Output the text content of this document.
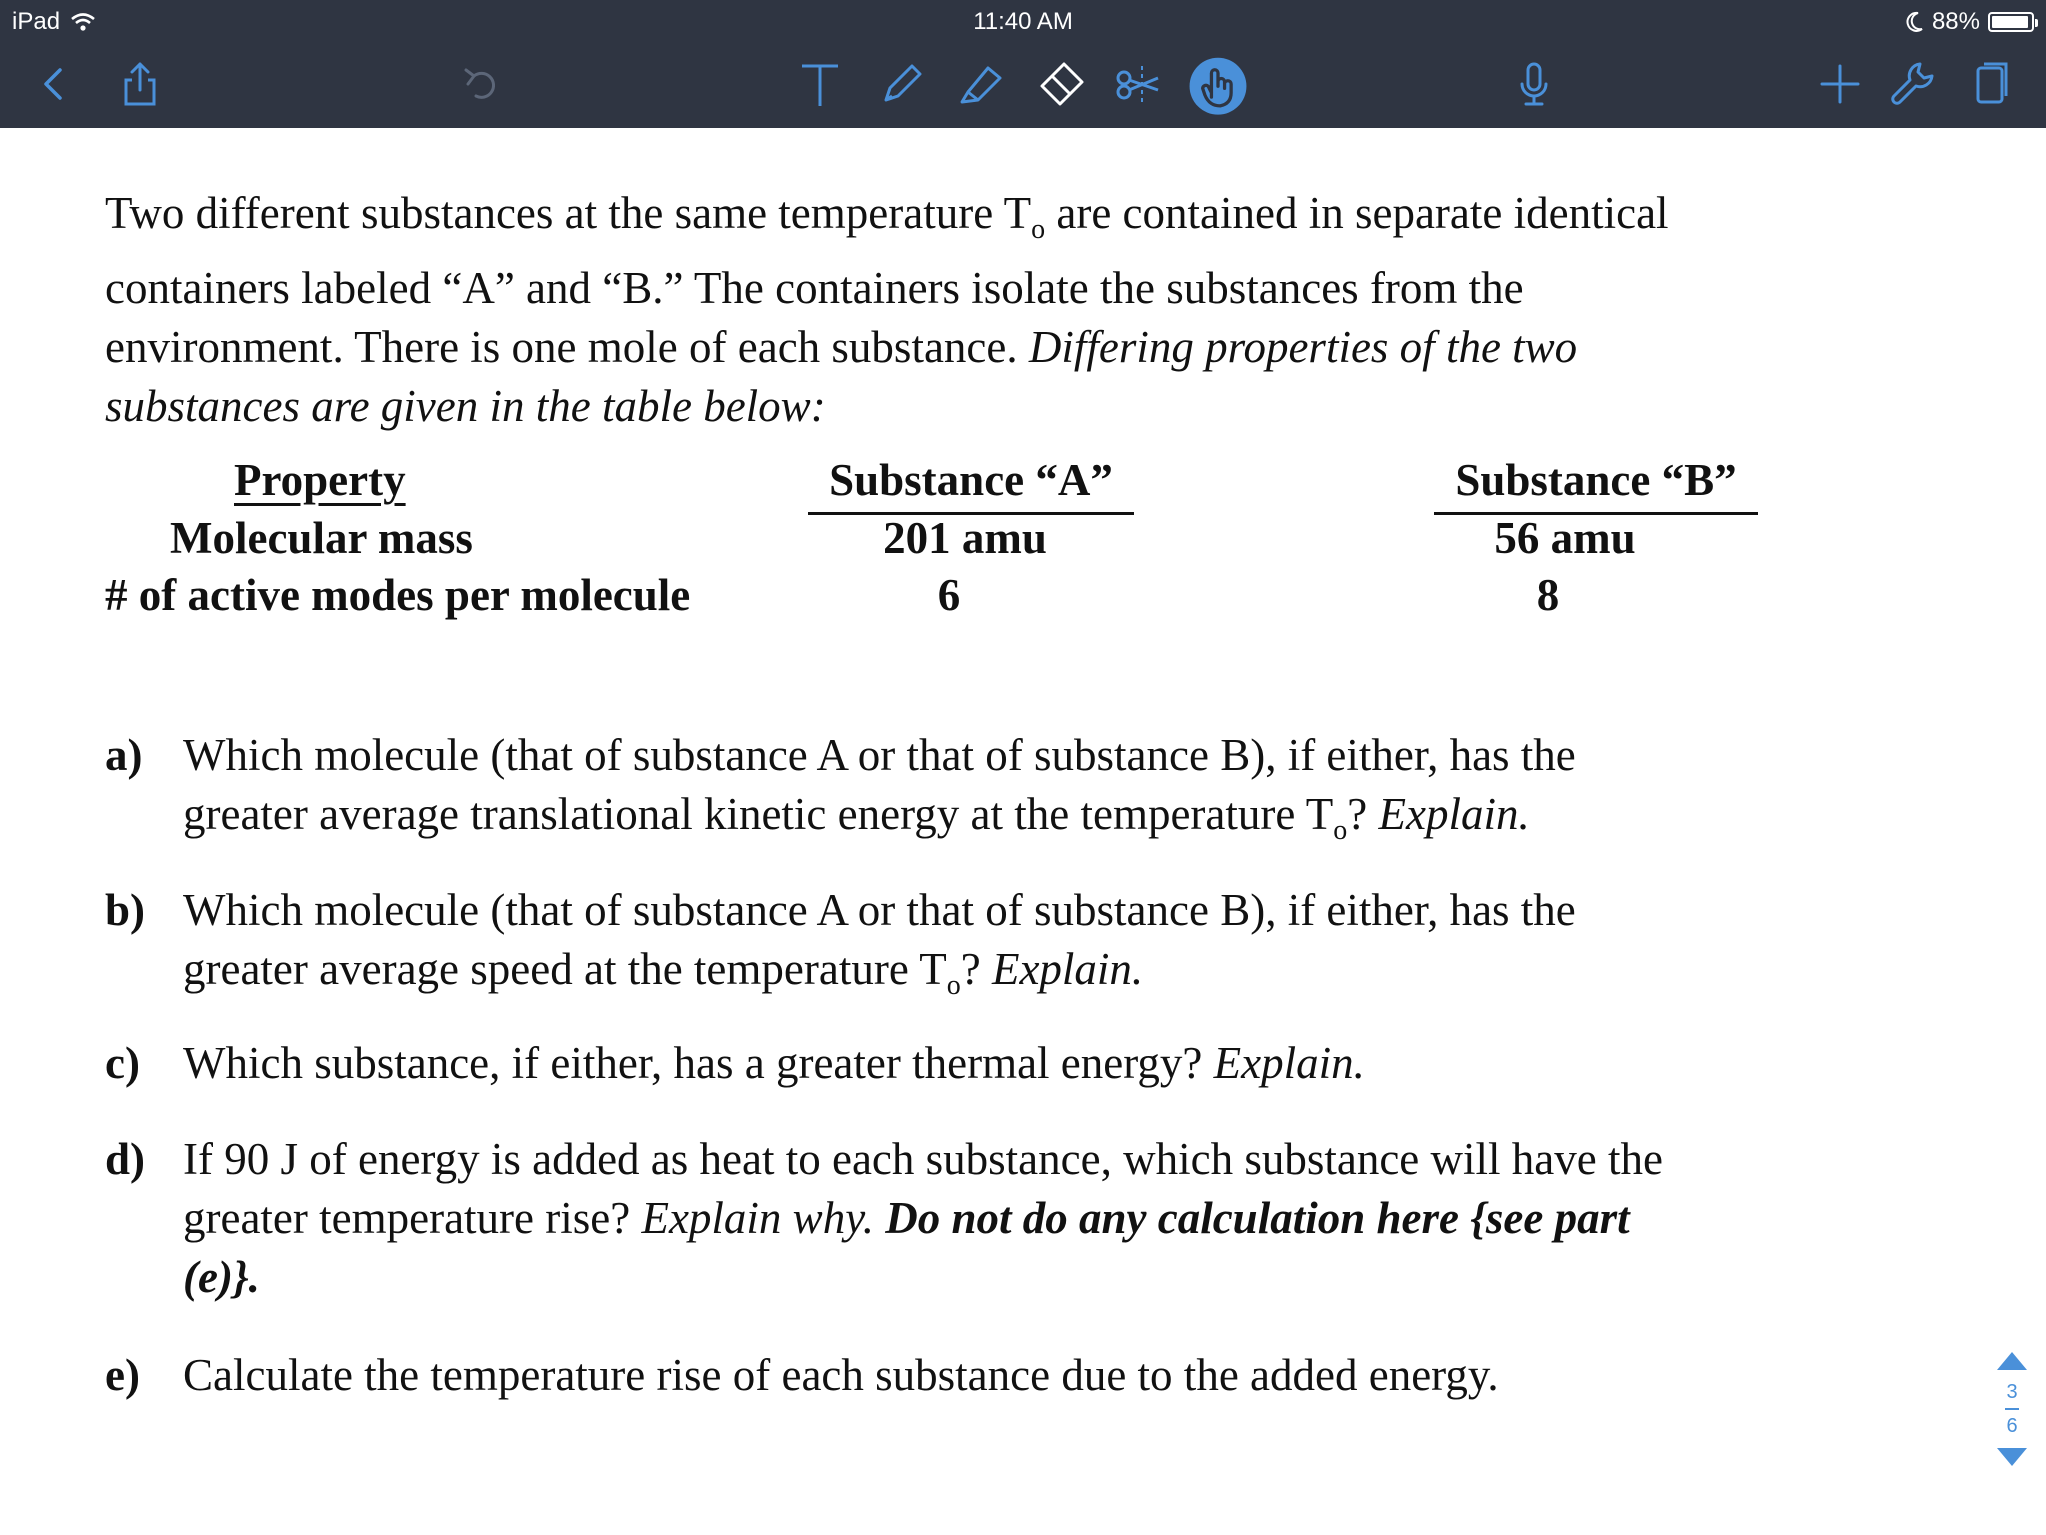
iPad	11:40 AM	88%
Two different substances at the same temperature $T_o$ are contained in separate identical
containers labeled “A” and “B.” The containers isolate the substances from the
environment. There is one mole of each substance. Differing properties of the two
substances are given in the table below:
Property	Substance “A”	Substance “B”
Molecular mass	201 amu	56 amu
# of active modes per molecule	6	8
a) Which molecule (that of substance A or that of substance B), if either, has the
greater average translational kinetic energy at the temperature $T_o$? Explain.
b) Which molecule (that of substance A or that of substance B), if either, has the
greater average speed at the temperature $T_o$? Explain.
c) Which substance, if either, has a greater thermal energy? Explain.
d) If 90 J of energy is added as heat to each substance, which substance will have the
greater temperature rise? Explain why. Do not do any calculation here {see part
(e)}.
e) Calculate the temperature rise of each substance due to the added energy.	3
6
